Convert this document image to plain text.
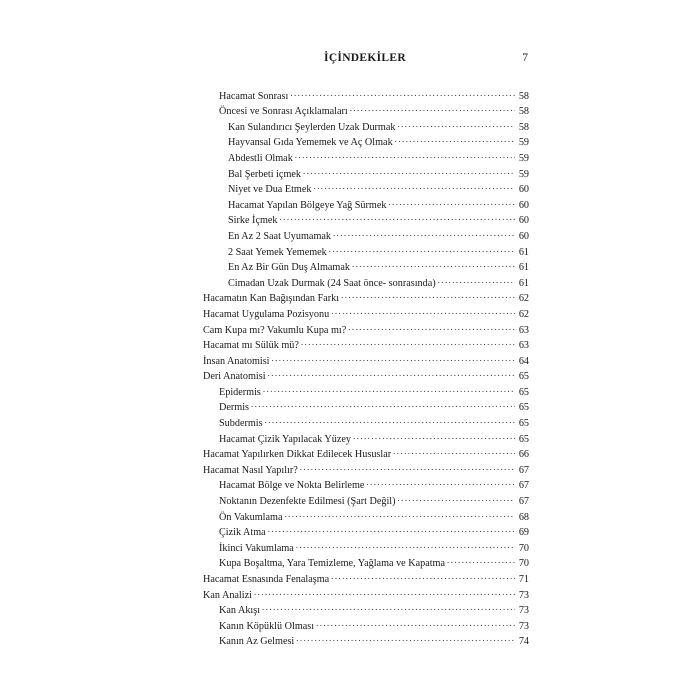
İÇİNDEKİLER	7
Hacamat Sonrası .....	58
Öncesi ve Sonrası Açıklamaları .....	58
Kan Sulandırıcı Şeylerden Uzak Durmak .....	58
Hayvansal Gıda Yememek ve Aç Olmak .....	59
Abdestli Olmak .....	59
Bal Şerbeti içmek .....	59
Niyet ve Dua Etmek .....	60
Hacamat Yapılan Bölgeye Yağ Sürmek .....	60
Sirke İçmek .....	60
En Az 2 Saat Uyumamak .....	60
2 Saat Yemek Yememek .....	61
En Az Bir Gün Duş Almamak .....	61
Cimadan Uzak Durmak (24 Saat önce- sonrasında) .....	61
Hacamatın Kan Bağışından Farkı .....	62
Hacamat Uygulama Pozisyonu .....	62
Cam Kupa mı? Vakumlu Kupa mı? .....	63
Hacamat mı Sülük mü? .....	63
İnsan Anatomisi .....	64
Deri Anatomisi .....	65
Epidermis .....	65
Dermis .....	65
Subdermis .....	65
Hacamat Çizik Yapılacak Yüzey .....	65
Hacamat Yapılırken Dikkat Edilecek Hususlar .....	66
Hacamat Nasıl Yapılır? .....	67
Hacamat Bölge ve Nokta Belirleme .....	67
Noktanın Dezenfekte Edilmesi (Şart Değil) .....	67
Ön Vakumlama .....	68
Çizik Atma .....	69
İkinci Vakumlama .....	70
Kupa Boşaltma, Yara Temizleme, Yağlama ve Kapatma .....	70
Hacamat Esnasında Fenalaşma .....	71
Kan Analizi .....	73
Kan Akışı .....	73
Kanın Köpüklü Olması .....	73
Kanın Az Gelmesi .....	74
